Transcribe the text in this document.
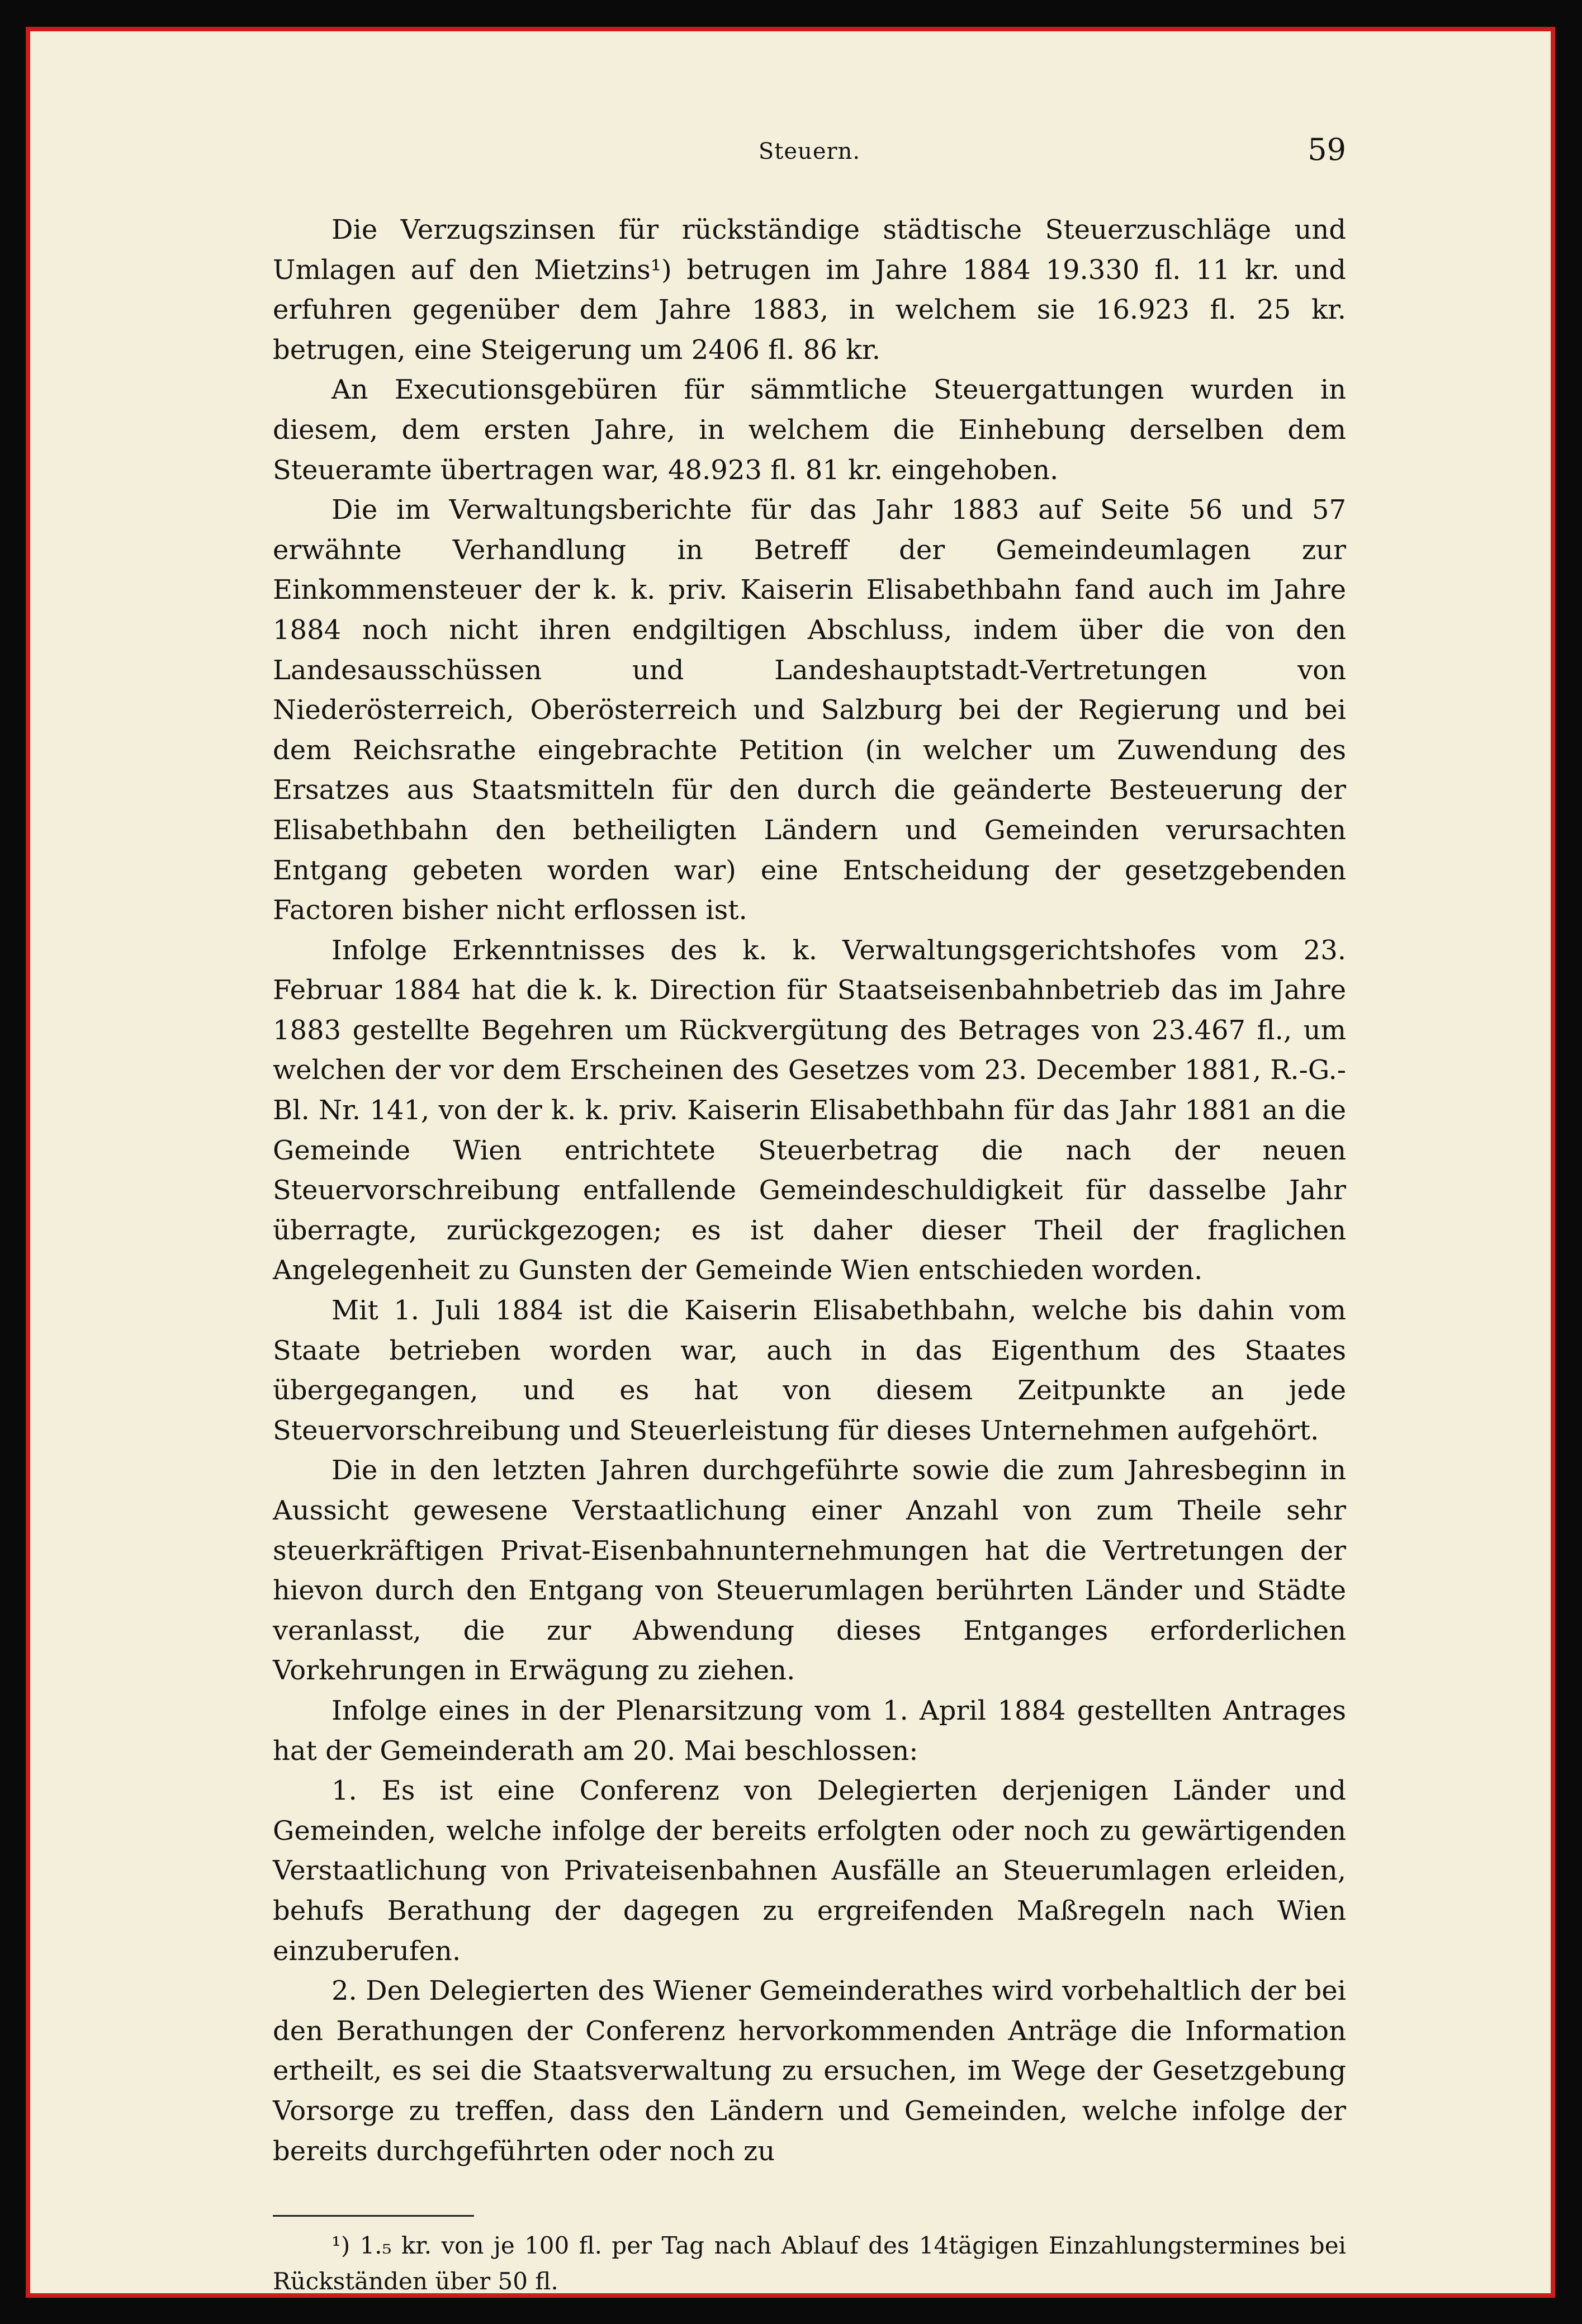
Steuern.	59

Die Verzugszinsen für rückständige städtische Steuerzuschläge und Umlagen auf den Mietzins¹) betrugen im Jahre 1884 19.330 fl. 11 kr. und erfuhren gegenüber dem Jahre 1883, in welchem sie 16.923 fl. 25 kr. betrugen, eine Steigerung um 2406 fl. 86 kr.

An Executionsgebüren für sämmtliche Steuergattungen wurden in diesem, dem ersten Jahre, in welchem die Einhebung derselben dem Steueramte übertragen war, 48.923 fl. 81 kr. eingehoben.

Die im Verwaltungsberichte für das Jahr 1883 auf Seite 56 und 57 erwähnte Verhandlung in Betreff der Gemeindeumlagen zur Einkommensteuer der k. k. priv. Kaiserin Elisabethbahn fand auch im Jahre 1884 noch nicht ihren endgiltigen Abschluss, indem über die von den Landesausschüssen und Landeshauptstadt-Vertretungen von Niederösterreich, Oberösterreich und Salzburg bei der Regierung und bei dem Reichsrathe eingebrachte Petition (in welcher um Zuwendung des Ersatzes aus Staatsmitteln für den durch die geänderte Besteuerung der Elisabethbahn den betheiligten Ländern und Gemeinden verursachten Entgang gebeten worden war) eine Entscheidung der gesetzgebenden Factoren bisher nicht erflossen ist.

Infolge Erkenntnisses des k. k. Verwaltungsgerichtshofes vom 23. Februar 1884 hat die k. k. Direction für Staatseisenbahnbetrieb das im Jahre 1883 gestellte Begehren um Rückvergütung des Betrages von 23.467 fl., um welchen der vor dem Erscheinen des Gesetzes vom 23. December 1881, R.-G.-Bl. Nr. 141, von der k. k. priv. Kaiserin Elisabethbahn für das Jahr 1881 an die Gemeinde Wien entrichtete Steuerbetrag die nach der neuen Steuervorschreibung entfallende Gemeindeschuldigkeit für dasselbe Jahr überragte, zurückgezogen; es ist daher dieser Theil der fraglichen Angelegenheit zu Gunsten der Gemeinde Wien entschieden worden.

Mit 1. Juli 1884 ist die Kaiserin Elisabethbahn, welche bis dahin vom Staate betrieben worden war, auch in das Eigenthum des Staates übergegangen, und es hat von diesem Zeitpunkte an jede Steuervorschreibung und Steuerleistung für dieses Unternehmen aufgehört.

Die in den letzten Jahren durchgeführte sowie die zum Jahresbeginn in Aussicht gewesene Verstaatlichung einer Anzahl von zum Theile sehr steuerkräftigen Privat-Eisenbahnunternehmungen hat die Vertretungen der hievon durch den Entgang von Steuerumlagen berührten Länder und Städte veranlasst, die zur Abwendung dieses Entganges erforderlichen Vorkehrungen in Erwägung zu ziehen.

Infolge eines in der Plenarsitzung vom 1. April 1884 gestellten Antrages hat der Gemeinderath am 20. Mai beschlossen:

1. Es ist eine Conferenz von Delegierten derjenigen Länder und Gemeinden, welche infolge der bereits erfolgten oder noch zu gewärtigenden Verstaatlichung von Privateisenbahnen Ausfälle an Steuerumlagen erleiden, behufs Berathung der dagegen zu ergreifenden Maßregeln nach Wien einzuberufen.

2. Den Delegierten des Wiener Gemeinderathes wird vorbehaltlich der bei den Berathungen der Conferenz hervorkommenden Anträge die Information ertheilt, es sei die Staatsverwaltung zu ersuchen, im Wege der Gesetzgebung Vorsorge zu treffen, dass den Ländern und Gemeinden, welche infolge der bereits durchgeführten oder noch zu

¹) 1.₅ kr. von je 100 fl. per Tag nach Ablauf des 14tägigen Einzahlungstermines bei Rückständen über 50 fl.
